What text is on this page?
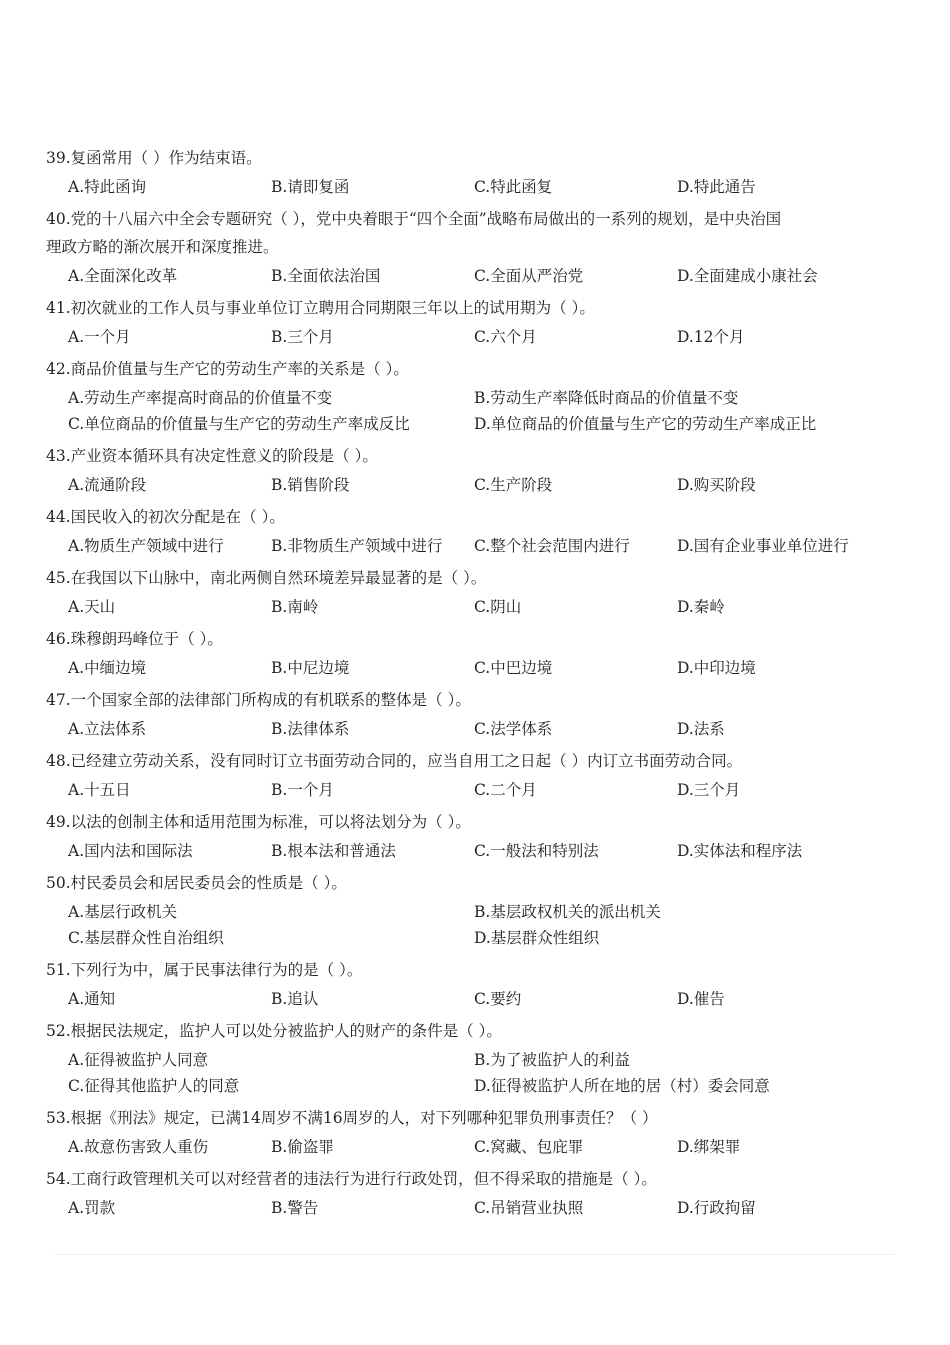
39.复函常用（ ）作为结束语。
A.特此函询	B.请即复函	C.特此函复	D.特此通告
40.党的十八届六中全会专题研究（ ），党中央着眼于“四个全面”战略布局做出的一系列的规划，是中央治国
理政方略的渐次展开和深度推进。
A.全面深化改革	B.全面依法治国	C.全面从严治党	D.全面建成小康社会
41.初次就业的工作人员与事业单位订立聘用合同期限三年以上的试用期为（ ）。
A.一个月	B.三个月	C.六个月	D.12个月
42.商品价值量与生产它的劳动生产率的关系是（ ）。
A.劳动生产率提高时商品的价值量不变	B.劳动生产率降低时商品的价值量不变
C.单位商品的价值量与生产它的劳动生产率成反比	D.单位商品的价值量与生产它的劳动生产率成正比
43.产业资本循环具有决定性意义的阶段是（ ）。
A.流通阶段	B.销售阶段	C.生产阶段	D.购买阶段
44.国民收入的初次分配是在（ ）。
A.物质生产领域中进行	B.非物质生产领域中进行	C.整个社会范围内进行	D.国有企业事业单位进行
45.在我国以下山脉中，南北两侧自然环境差异最显著的是（ ）。
A.天山	B.南岭	C.阴山	D.秦岭
46.珠穆朗玛峰位于（ ）。
A.中缅边境	B.中尼边境	C.中巴边境	D.中印边境
47.一个国家全部的法律部门所构成的有机联系的整体是（ ）。
A.立法体系	B.法律体系	C.法学体系	D.法系
48.已经建立劳动关系，没有同时订立书面劳动合同的，应当自用工之日起（ ）内订立书面劳动合同。
A.十五日	B.一个月	C.二个月	D.三个月
49.以法的创制主体和适用范围为标准，可以将法划分为（ ）。
A.国内法和国际法	B.根本法和普通法	C.一般法和特别法	D.实体法和程序法
50.村民委员会和居民委员会的性质是（ ）。
A.基层行政机关	B.基层政权机关的派出机关
C.基层群众性自治组织	D.基层群众性组织
51.下列行为中，属于民事法律行为的是（ ）。
A.通知	B.追认	C.要约	D.催告
52.根据民法规定，监护人可以处分被监护人的财产的条件是（ ）。
A.征得被监护人同意	B.为了被监护人的利益
C.征得其他监护人的同意	D.征得被监护人所在地的居（村）委会同意
53.根据《刑法》规定，已满14周岁不满16周岁的人，对下列哪种犯罪负刑事责任？（ ）
A.故意伤害致人重伤	B.偷盗罪	C.窝藏、包庇罪	D.绑架罪
54.工商行政管理机关可以对经营者的违法行为进行行政处罚，但不得采取的措施是（ ）。
A.罚款	B.警告	C.吊销营业执照	D.行政拘留
